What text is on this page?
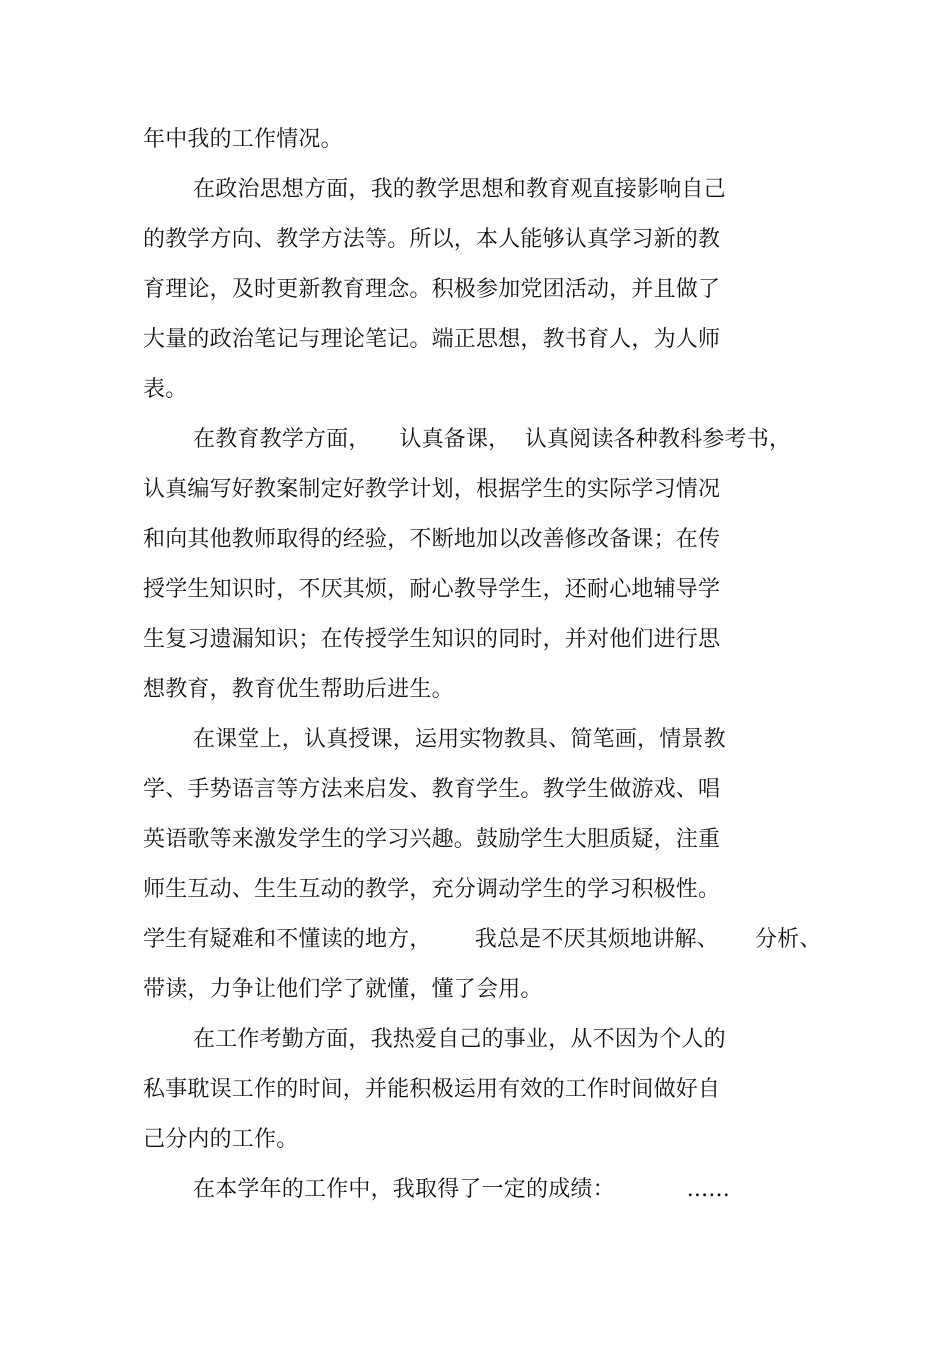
年中我的工作情况。
在政治思想方面，我的教学思想和教育观直接影响自己
的教学方向、教学方法等。所以，本人能够认真学习新的教
育理论，及时更新教育理念。积极参加党团活动，并且做了
大量的政治笔记与理论笔记。端正思想，教书育人，为人师
表。
在教育教学方面，    认真备课，  认真阅读各种教科参考书，
认真编写好教案制定好教学计划，根据学生的实际学习情况
和向其他教师取得的经验，不断地加以改善修改备课；在传
授学生知识时，不厌其烦，耐心教导学生，还耐心地辅导学
生复习遗漏知识；在传授学生知识的同时，并对他们进行思
想教育，教育优生帮助后进生。
在课堂上，认真授课，运用实物教具、简笔画，情景教
学、手势语言等方法来启发、教育学生。教学生做游戏、唱
英语歌等来激发学生的学习兴趣。鼓励学生大胆质疑，注重
师生互动、生生互动的教学，充分调动学生的学习积极性。
学生有疑难和不懂读的地方，      我总是不厌其烦地讲解、     分析、
带读，力争让他们学了就懂，懂了会用。
在工作考勤方面，我热爱自己的事业，从不因为个人的
私事耽误工作的时间，并能积极运用有效的工作时间做好自
己分内的工作。
在本学年的工作中，我取得了一定的成绩：          ......
